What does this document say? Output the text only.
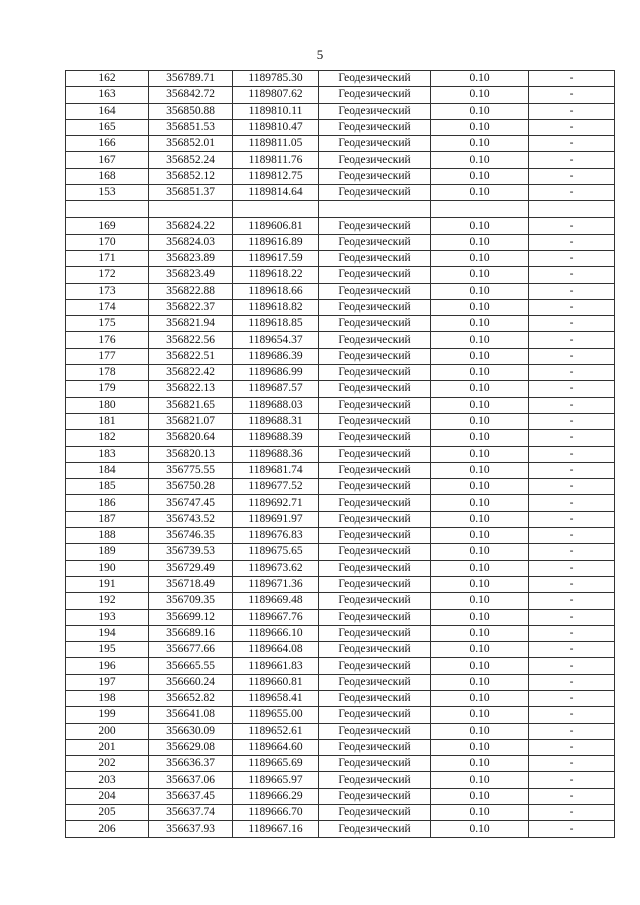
5
162	356789.71	1189785.30	Геодезический	0.10	-
163	356842.72	1189807.62	Геодезический	0.10	-
164	356850.88	1189810.11	Геодезический	0.10	-
165	356851.53	1189810.47	Геодезический	0.10	-
166	356852.01	1189811.05	Геодезический	0.10	-
167	356852.24	1189811.76	Геодезический	0.10	-
168	356852.12	1189812.75	Геодезический	0.10	-
153	356851.37	1189814.64	Геодезический	0.10	-

169	356824.22	1189606.81	Геодезический	0.10	-
170	356824.03	1189616.89	Геодезический	0.10	-
171	356823.89	1189617.59	Геодезический	0.10	-
172	356823.49	1189618.22	Геодезический	0.10	-
173	356822.88	1189618.66	Геодезический	0.10	-
174	356822.37	1189618.82	Геодезический	0.10	-
175	356821.94	1189618.85	Геодезический	0.10	-
176	356822.56	1189654.37	Геодезический	0.10	-
177	356822.51	1189686.39	Геодезический	0.10	-
178	356822.42	1189686.99	Геодезический	0.10	-
179	356822.13	1189687.57	Геодезический	0.10	-
180	356821.65	1189688.03	Геодезический	0.10	-
181	356821.07	1189688.31	Геодезический	0.10	-
182	356820.64	1189688.39	Геодезический	0.10	-
183	356820.13	1189688.36	Геодезический	0.10	-
184	356775.55	1189681.74	Геодезический	0.10	-
185	356750.28	1189677.52	Геодезический	0.10	-
186	356747.45	1189692.71	Геодезический	0.10	-
187	356743.52	1189691.97	Геодезический	0.10	-
188	356746.35	1189676.83	Геодезический	0.10	-
189	356739.53	1189675.65	Геодезический	0.10	-
190	356729.49	1189673.62	Геодезический	0.10	-
191	356718.49	1189671.36	Геодезический	0.10	-
192	356709.35	1189669.48	Геодезический	0.10	-
193	356699.12	1189667.76	Геодезический	0.10	-
194	356689.16	1189666.10	Геодезический	0.10	-
195	356677.66	1189664.08	Геодезический	0.10	-
196	356665.55	1189661.83	Геодезический	0.10	-
197	356660.24	1189660.81	Геодезический	0.10	-
198	356652.82	1189658.41	Геодезический	0.10	-
199	356641.08	1189655.00	Геодезический	0.10	-
200	356630.09	1189652.61	Геодезический	0.10	-
201	356629.08	1189664.60	Геодезический	0.10	-
202	356636.37	1189665.69	Геодезический	0.10	-
203	356637.06	1189665.97	Геодезический	0.10	-
204	356637.45	1189666.29	Геодезический	0.10	-
205	356637.74	1189666.70	Геодезический	0.10	-
206	356637.93	1189667.16	Геодезический	0.10	-
